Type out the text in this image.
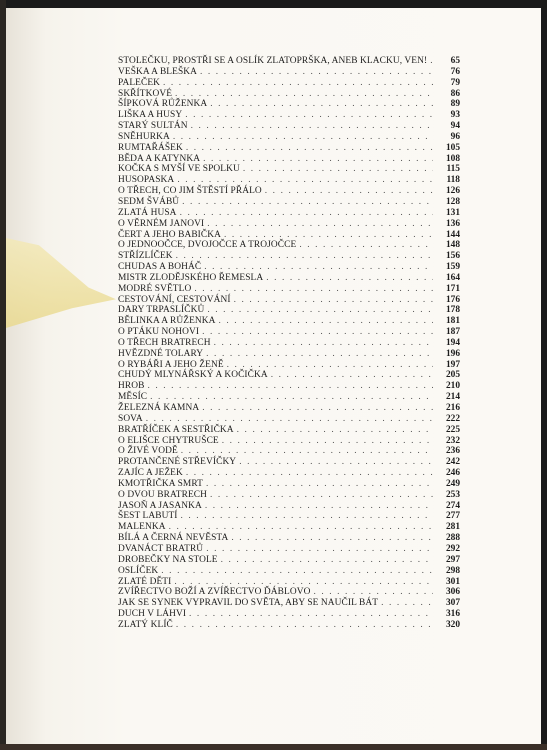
STOLEČKU, PROSTŘI SE A OSLÍK ZLATOPRŠKA, ANEB KLACKU, VEN! . . .	65
VEŠKA A BLEŠKA . . .	76
PALEČEK . . .	79
SKŘÍTKOVÉ . . .	86
ŠÍPKOVÁ RŮŽENKA . . .	89
LIŠKA A HUSY . . .	93
STARÝ SULTÁN . . .	94
SNĚHURKA . . .	96
RUMTAŘÁŠEK . . .	105
BĚDA A KATYNKA . . .	108
KOČKA S MYŠÍ VE SPOLKU . . .	115
HUSOPASKA . . .	118
O TŘECH, CO JIM ŠTĚSTÍ PŘÁLO . . .	126
SEDM ŠVÁBŮ . . .	128
ZLATÁ HUSA . . .	131
O VĚRNÉM JANOVI . . .	136
ČERT A JEHO BABIČKA . . .	144
O JEDNOOČCE, DVOJOČCE A TROJOČCE . . .	148
STŘÍZLÍČEK . . .	156
CHUDAS A BOHÁČ . . .	159
MISTR ZLODĚJSKÉHO ŘEMESLA . . .	164
MODRÉ SVĚTLO . . .	171
CESTOVÁNÍ, CESTOVÁNÍ . . .	176
DARY TRPASLÍČKŮ . . .	178
BĚLINKA A RŮŽENKA . . .	181
O PTÁKU NOHOVI . . .	187
O TŘECH BRATRECH . . .	194
HVĚZDNÉ TOLARY . . .	196
O RYBÁŘI A JEHO ŽENĚ . . .	197
CHUDÝ MLYNÁŘSKÝ A KOČIČKA . . .	205
HROB . . .	210
MĚSÍC . . .	214
ŽELEZNÁ KAMNA . . .	216
SOVA . . .	222
BRATŘÍČEK A SESTŘIČKA . . .	225
O ELIŠCE CHYTRUŠCE . . .	232
O ŽIVÉ VODĚ . . .	236
PROTANČENÉ STŘEVÍČKY . . .	242
ZAJÍC A JEŽEK . . .	246
KMOTŘIČKA SMRT . . .	249
O DVOU BRATRECH . . .	253
JASOŇ A JASANKA . . .	274
ŠEST LABUTÍ . . .	277
MALENKA . . .	281
BÍLÁ A ČERNÁ NEVĚSTA . . .	288
DVANÁCT BRATRŮ . . .	292
DROBEČKY NA STOLE . . .	297
OSLÍČEK . . .	298
ZLATÉ DĚTI . . .	301
ZVÍŘECTVO BOŽÍ A ZVÍŘECTVO ĎÁBLOVO . . .	306
JAK SE SYNEK VYPRAVIL DO SVĚTA, ABY SE NAUČIL BÁT . . .	307
DUCH V LÁHVI . . .	316
ZLATÝ KLÍČ . . .	320
